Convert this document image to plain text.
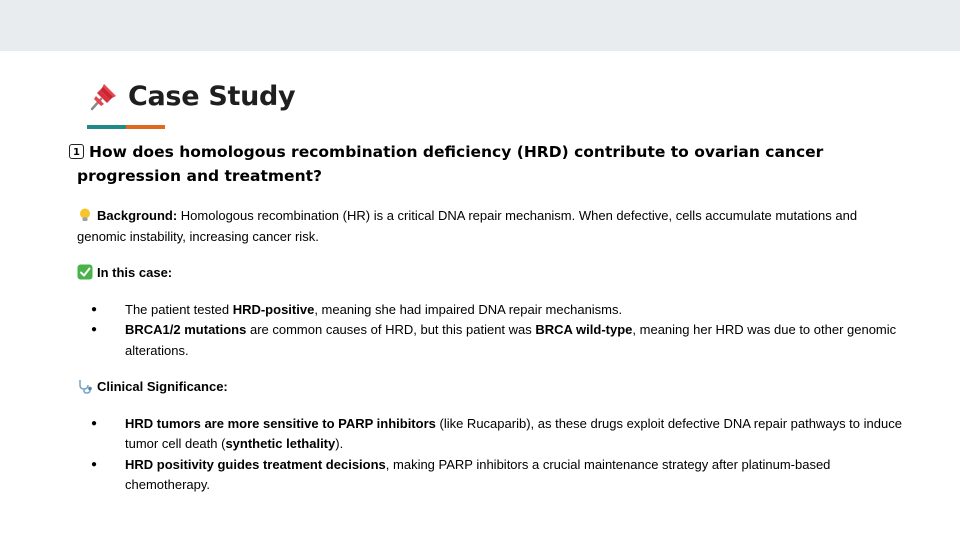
Case Study

1 How does homologous recombination deficiency (HRD) contribute to ovarian cancer progression and treatment?

Background: Homologous recombination (HR) is a critical DNA repair mechanism. When defective, cells accumulate mutations and genomic instability, increasing cancer risk.

In this case:

● The patient tested HRD-positive, meaning she had impaired DNA repair mechanisms.
● BRCA1/2 mutations are common causes of HRD, but this patient was BRCA wild-type, meaning her HRD was due to other genomic alterations.

Clinical Significance:

● HRD tumors are more sensitive to PARP inhibitors (like Rucaparib), as these drugs exploit defective DNA repair pathways to induce tumor cell death (synthetic lethality).
● HRD positivity guides treatment decisions, making PARP inhibitors a crucial maintenance strategy after platinum-based chemotherapy.
